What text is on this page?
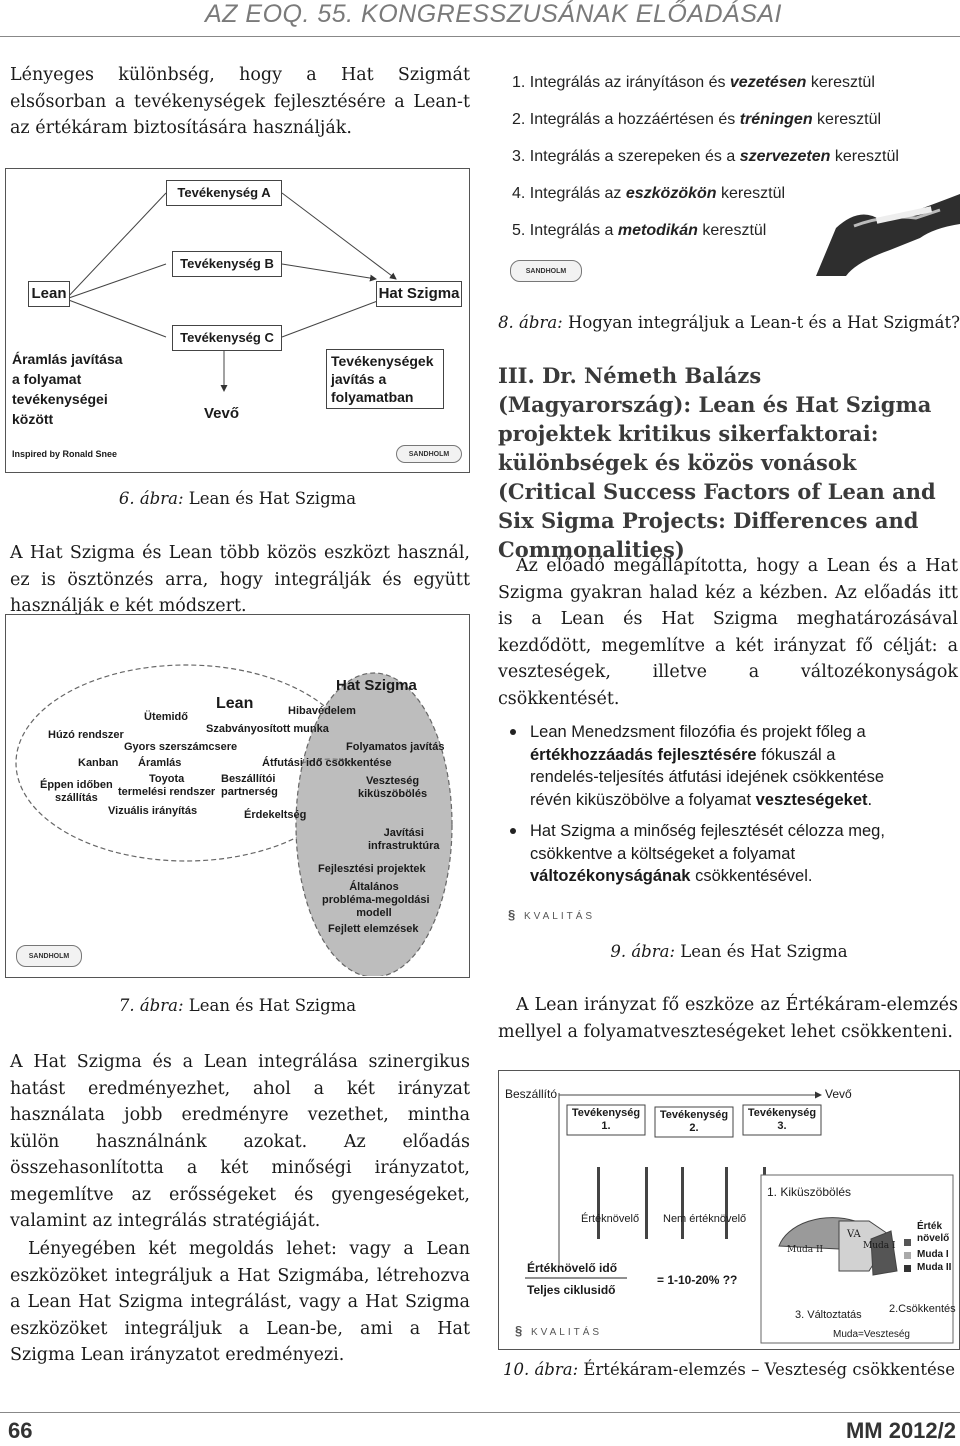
AZ EOQ. 55. KONGRESSZUSÁNAK ELŐADÁSAI
Lényeges különbség, hogy a Hat Szigmát elsősorban a tevékenységek fejlesztésére a Lean-t az értékáram biztosítására használják.
Tevékenység A
Tevékenység B
Tevékenység C
Lean	Hat Szigma
Áramlás javítása
a folyamat
tevékenységei
között	Vevő
Tevékenységek
javítás a
folyamatban
Inspired by Ronald Snee	SANDHOLM
6. ábra: Lean és Hat Szigma
A Hat Szigma és Lean több közös eszközt használ, ez is ösztönzés arra, hogy integrálják és együtt használják e két módszert.
Hat Szigma
Lean
Ütemidő	Hibavédelem
Szabványosított munka
Húzó rendszer
Gyors szerszámcsere	Folyamatos javítás
Kanban Áramlás	Átfutási idő csökkentése
Éppen időben
szállítás
Toyota
termelési rendszer
Beszállítói
partnerség
Veszteség
kiküszöbölés
Vizuális irányítás	Érdekeltség
Javítási
infrastruktúra
Fejlesztési projektek
Általános
probléma-megoldási
modell
Fejlett elemzések
SANDHOLM
7. ábra: Lean és Hat Szigma
A Hat Szigma és a Lean integrálása szinergikus hatást eredményezhet, ahol a két irányzat használata jobb eredményre vezethet, mintha külön használnánk azokat. Az előadás összehasonlította a két minőségi irányzatot, megemlítve az erősségeket és gyengeségeket, valamint az integrálás stratégiáját.
Lényegében két megoldás lehet: vagy a Lean eszközöket integráljuk a Hat Szigmába, létrehozva a Lean Hat Szigma integrálást, vagy a Hat Szigma eszközöket integráljuk a Lean-be, ami a Hat Szigma Lean irányzatot eredményezi.
1. Integrálás az irányításon és vezetésen keresztül
2. Integrálás a hozzáértésen és tréningen keresztül
3. Integrálás a szerepeken és a szervezeten keresztül
4. Integrálás az eszközökön keresztül
5. Integrálás a metodikán keresztül
SANDHOLM
8. ábra: Hogyan integráljuk a Lean-t és a Hat Szigmát?
III. Dr. Németh Balázs (Magyarország): Lean és Hat Szigma projektek kritikus sikerfaktorai: különbségek és közös vonások (Critical Success Factors of Lean and Six Sigma Projects: Differences and Commonalities)
Az előadó megállapította, hogy a Lean és a Hat Szigma gyakran halad kéz a kézben. Az előadás itt is a Lean és Hat Szigma meghatározásával kezdődött, megemlítve a két irányzat fő célját: a veszteségek, illetve a változékonyságok csökkentését.
Lean Menedzsment filozófia és projekt főleg a
értékhozzáadás fejlesztésére fókuszál a
rendelés-teljesítés átfutási idejének csökkentése
révén kiküszöbölve a folyamat veszteségeket.
Hat Szigma a minőség fejlesztését célozza meg,
csökkentve a költségeket a folyamat
változékonyságának csökkentésével.
§ KVALITÁS
9. ábra: Lean és Hat Szigma
A Lean irányzat fő eszköze az Értékáram-elemzés mellyel a folyamatveszteségeket lehet csökkenteni.
Beszállító	Vevő
Tevékenység
1.
Tevékenység
2.
Tevékenység
3.
1. Kiküszöbölés
Értéknövelő Nem értéknövelő
Értéknövelő idő
Teljes ciklusidő
= 1-10-20% ??
Muda II
VA
Muda I
Érték növelő
Muda I
Muda II
3. Változtatás 2.Csökkentés
Muda=Veszteség
§ KVALITÁS
10. ábra: Értékáram-elemzés – Veszteség csökkentése
66	MM 2012/2
